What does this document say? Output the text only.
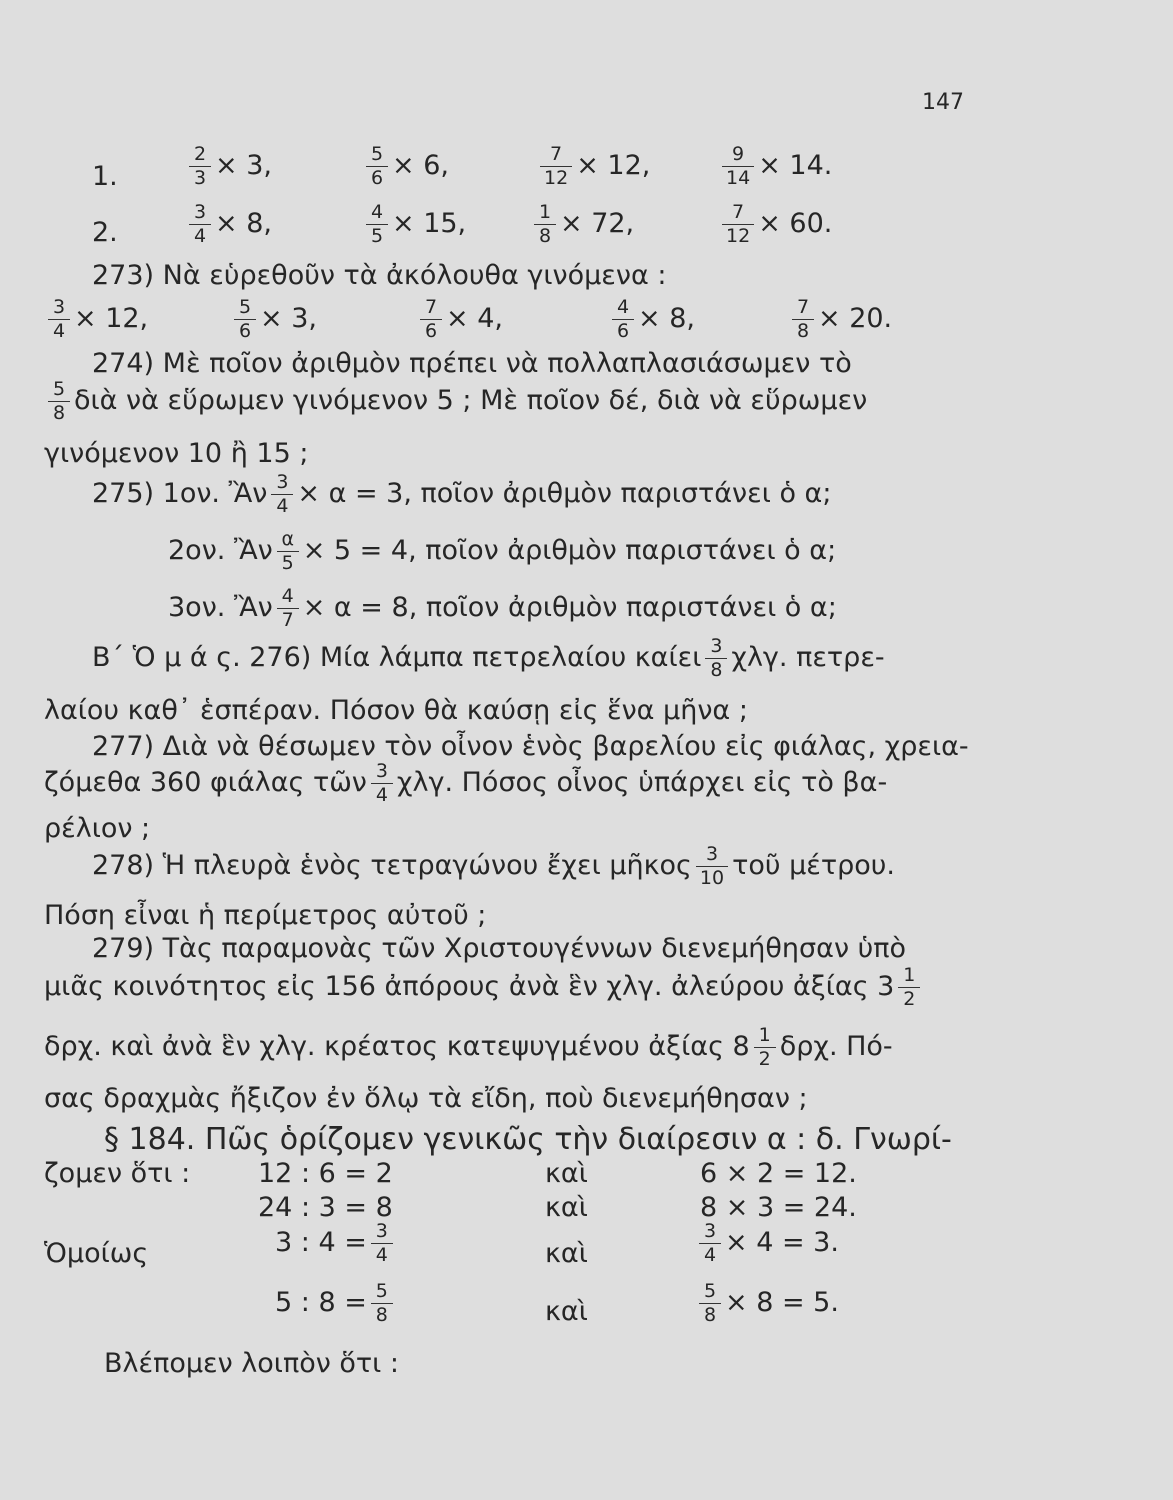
147
1.	$\frac{2}{3} \times 3$,	$\frac{5}{6} \times 6$,	$\frac{7}{12} \times 12$,	$\frac{9}{14} \times 14$.
2.	$\frac{3}{4} \times 8$,	$\frac{4}{5} \times 15$,	$\frac{1}{8} \times 72$,	$\frac{7}{12} \times 60$.
273) Νὰ εὑρεθοῦν τὰ ἀκόλουθα γινόμενα :
$\frac{3}{4} \times 12$,	$\frac{5}{6} \times 3$,	$\frac{7}{6} \times 4$,	$\frac{4}{6} \times 8$,	$\frac{7}{8} \times 20$.
274) Μὲ ποῖον ἀριθμὸν πρέπει νὰ πολλαπλασιάσωμεν τὸ
$\frac{5}{8}$ διὰ νὰ εὕρωμεν γινόμενον 5 ; Μὲ ποῖον δέ, διὰ νὰ εὕρωμεν
γινόμενον 10 ἢ 15 ;
275) 1ον. Ἂν $\frac{3}{4} \times \alpha = 3$, ποῖον ἀριθμὸν παριστάνει ὁ α;
2ον. Ἂν $\frac{\alpha}{5} \times 5 = 4$, ποῖον ἀριθμὸν παριστάνει ὁ α;
3ον. Ἂν $\frac{4}{7} \times \alpha = 8$, ποῖον ἀριθμὸν παριστάνει ὁ α;
Β΄ Ὁ μ ά ς. 276) Μία λάμπα πετρελαίου καίει $\frac{3}{8} \chi\lambda\gamma$. πετρε-
λαίου καθ᾽ ἑσπέραν. Πόσον θὰ καύσῃ εἰς ἕνα μῆνα ;
277) Διὰ νὰ θέσωμεν τὸν οἶνον ἑνὸς βαρελίου εἰς φιάλας, χρεια-
ζόμεθα 360 φιάλας τῶν $\frac{3}{4} \chi\lambda\gamma$. Πόσος οἶνος ὑπάρχει εἰς τὸ βα-
ρέλιον ;
278) Ἡ πλευρὰ ἑνὸς τετραγώνου ἔχει μῆκος $\frac{3}{10}$ τοῦ μέτρου.
Πόση εἶναι ἡ περίμετρος αὐτοῦ ;
279) Τὰς παραμονὰς τῶν Χριστουγέννων διενεμήθησαν ὑπὸ
μιᾶς κοινότητος εἰς 156 ἀπόρους ἀνὰ ἓν χλγ. ἀλεύρου ἀξίας $3 \frac{1}{2}$
δρχ. καὶ ἀνὰ ἓν χλγ. κρέατος κατεψυγμένου ἀξίας $8 \frac{1}{2} \delta\rho\chi$. Πό-
σας δραχμὰς ἤξιζον ἐν ὅλῳ τὰ εἴδη, ποὺ διενεμήθησαν ;
§ 184. Πῶς ὁρίζομεν γενικῶς τὴν διαίρεσιν α : δ. Γνωρί-
ζομεν ὅτι :	12 : 6 = 2	καὶ	6 × 2 = 12.
24 : 3 = 8	καὶ	8 × 3 = 24.
Ὁμοίως	3 : $4 = \frac{3}{4}$	καὶ	$\frac{3}{4} \times 4 = 3$.
5 : $8 = \frac{5}{8}$	καὶ	$\frac{5}{8} \times 8 = 5$.
Βλέπομεν λοιπὸν ὅτι :
